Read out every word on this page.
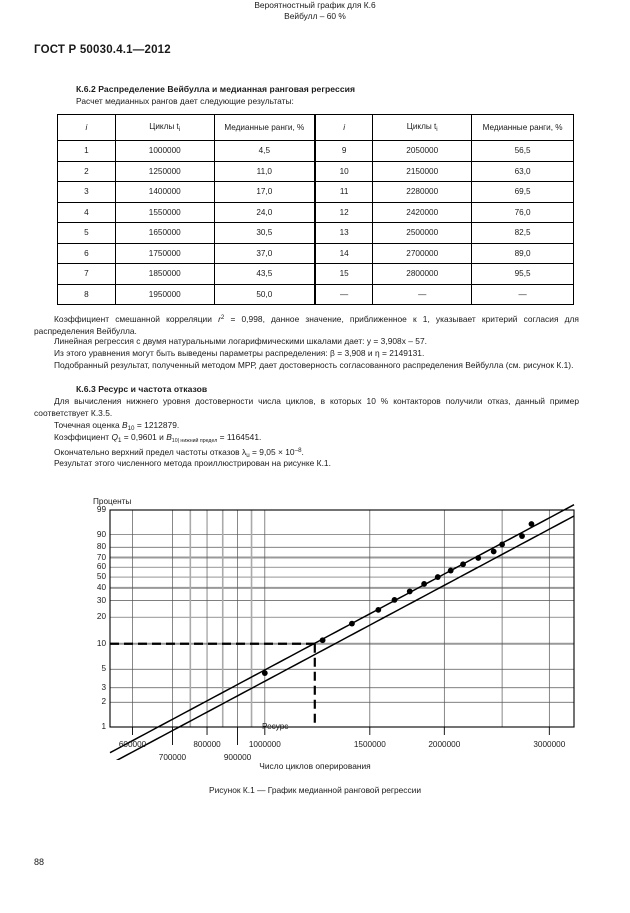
ГОСТ Р 50030.4.1—2012
К.6.2 Распределение Вейбулла и медианная ранговая регрессия
Расчет медианных рангов дает следующие результаты:
i	Циклы $t_i$	Медианные ранги, %	i	Циклы $t_i$	Медианные ранги, %
1	1000000	4,5	9	2050000	56,5
2	1250000	11,0	10	2150000	63,0
3	1400000	17,0	11	2280000	69,5
4	1550000	24,0	12	2420000	76,0
5	1650000	30,5	13	2500000	82,5
6	1750000	37,0	14	2700000	89,0
7	1850000	43,5	15	2800000	95,5
8	1950000	50,0	—	—	—
Коэффициент смешанной корреляции $r^2 = 0,998$, данное значение, приближенное к 1, указывает критерий согласия для распределения Вейбулла.
Линейная регрессия с двумя натуральными логарифмическими шкалами дает: y = 3,908х – 57.
Из этого уравнения могут быть выведены параметры распределения: β = 3,908 и η = 2149131.
Подобранный результат, полученный методом МРР, дает достоверность согласованного распределения Вейбулла (см. рисунок К.1).
К.6.3 Ресурс и частота отказов
Для вычисления нижнего уровня достоверности числа циклов, в которых 10 % контакторов получили отказ, данный пример соответствует К.3.5.
Точечная оценка $B_{10} = 1212879$.
Коэффициент $Q_1 = 0,9601$ и $B_{10| нижний предел} = 1164541$.
Окончательно верхний предел частоты отказов $\lambda_u = 9,05 \times 10^{-8}$.
Результат этого численного метода проиллюстрирован на рисунке К.1.
Вероятностный график для К.6
Вейбулл – 60 %
Проценты
600000
700000
800000
900000
1000000	1500000	2000000	3000000
Ресурс
Число циклов оперирования
Рисунок К.1 — График медианной ранговой регрессии
88
1
2
3
5
10
20
30
40
50
60
70
80
90
99
